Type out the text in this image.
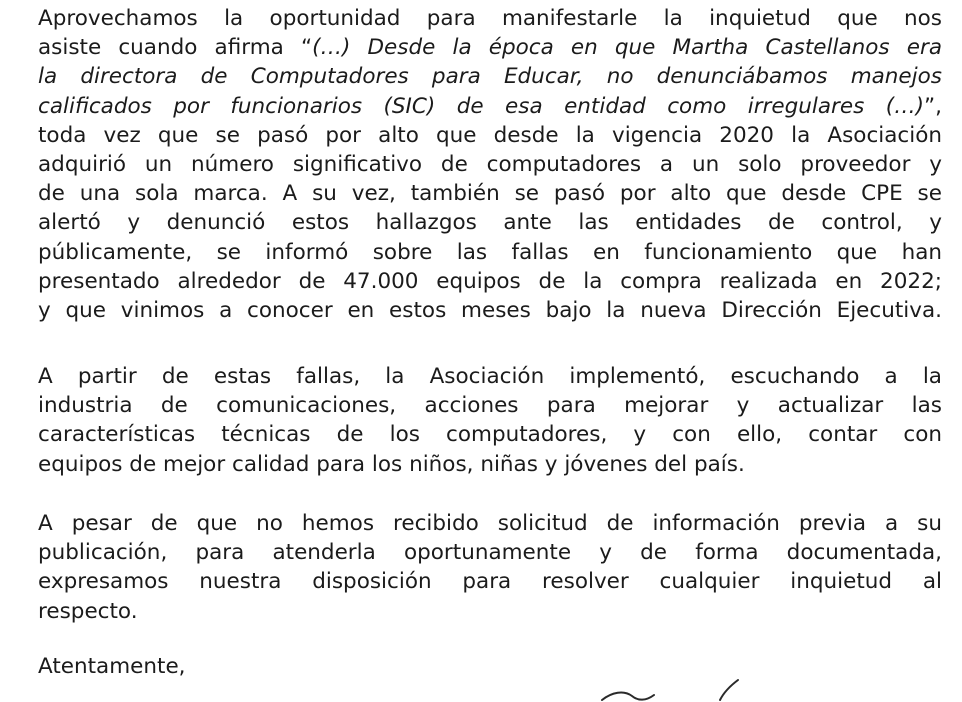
Aprovechamos la oportunidad para manifestarle la inquietud que nos
asiste cuando afirma “(…) Desde la época en que Martha Castellanos era
la directora de Computadores para Educar, no denunciábamos manejos
calificados por funcionarios (SIC) de esa entidad como irregulares (…)”,
toda vez que se pasó por alto que desde la vigencia 2020 la Asociación
adquirió un número significativo de computadores a un solo proveedor y
de una sola marca. A su vez, también se pasó por alto que desde CPE se
alertó y denunció estos hallazgos ante las entidades de control, y
públicamente, se informó sobre las fallas en funcionamiento que han
presentado alrededor de 47.000 equipos de la compra realizada en 2022;
y que vinimos a conocer en estos meses bajo la nueva Dirección Ejecutiva.
A partir de estas fallas, la Asociación implementó, escuchando a la
industria de comunicaciones, acciones para mejorar y actualizar las
características técnicas de los computadores, y con ello, contar con
equipos de mejor calidad para los niños, niñas y jóvenes del país.
A pesar de que no hemos recibido solicitud de información previa a su
publicación, para atenderla oportunamente y de forma documentada,
expresamos nuestra disposición para resolver cualquier inquietud al
respecto.
Atentamente,
